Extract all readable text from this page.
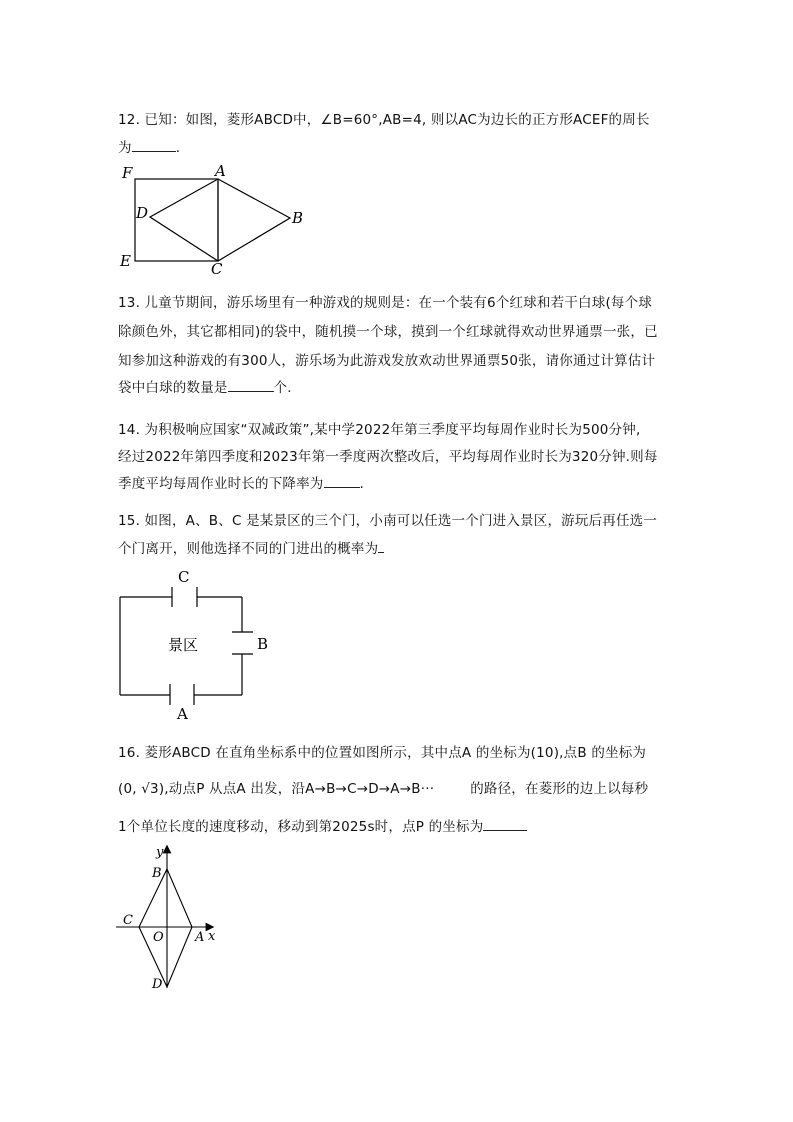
12. 已知：如图，菱形ABCD中，∠B=60°,AB=4, 则以AC为边长的正方形ACEF的周长
为	.
F	A
D	B
E	C
13. 儿童节期间，游乐场里有一种游戏的规则是：在一个装有6个红球和若干白球(每个球
除颜色外，其它都相同)的袋中，随机摸一个球，摸到一个红球就得欢动世界通票一张，已
知参加这种游戏的有300人，游乐场为此游戏发放欢动世界通票50张，请你通过计算估计
袋中白球的数量是	个.
14. 为积极响应国家“双减政策”,某中学2022年第三季度平均每周作业时长为500分钟,
经过2022年第四季度和2023年第一季度两次整改后，平均每周作业时长为320分钟.则每
季度平均每周作业时长的下降率为	.
15. 如图，A、B、C 是某景区的三个门，小南可以任选一个门进入景区，游玩后再任选一
个门离开，则他选择不同的门进出的概率为
C
B
A
景区
16. 菱形ABCD 在直角坐标系中的位置如图所示，其中点A 的坐标为(10),点B 的坐标为
(0, √3),动点P 从点A 出发，沿A→B→C→D→A→B···	的路径，在菱形的边上以每秒
1个单位长度的速度移动，移动到第2025s时，点P 的坐标为
y
x
B
C
O A
D
